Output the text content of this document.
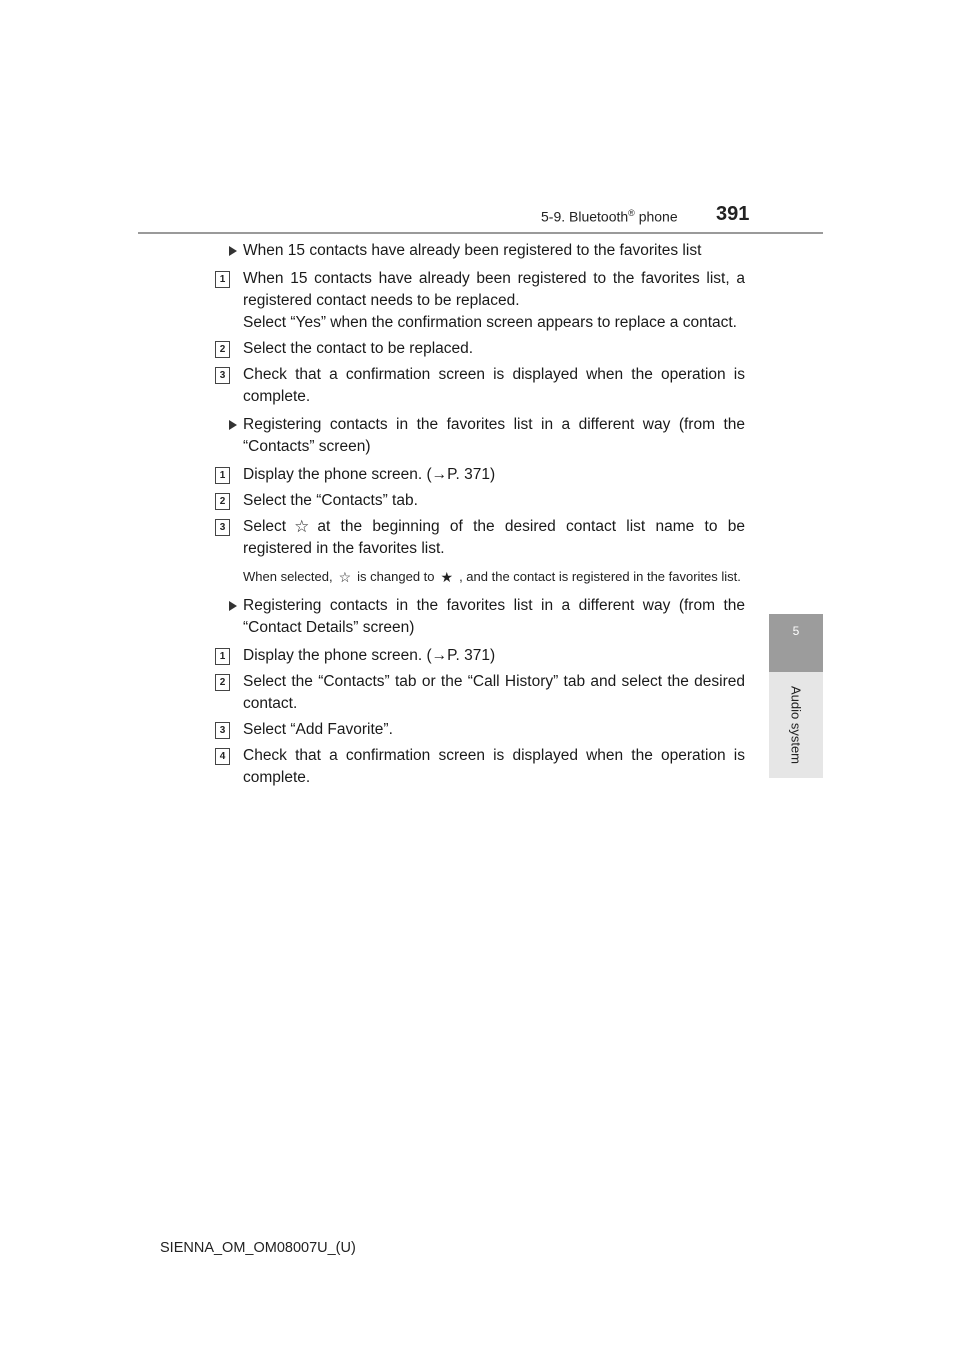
5-9. Bluetooth® phone 391
5
Audio system

When 15 contacts have already been registered to the favorites list

1	When 15 contacts have already been registered to the favorites list, a registered contact needs to be replaced.
Select “Yes” when the confirmation screen appears to replace a contact.
2	Select the contact to be replaced.
3	Check that a confirmation screen is displayed when the operation is complete.

Registering contacts in the favorites list in a different way (from the “Contacts” screen)

1	Display the phone screen. (→P. 371)
2	Select the “Contacts” tab.
3	Select ☆ at the beginning of the desired contact list name to be registered in the favorites list.

When selected, ☆ is changed to ★ , and the contact is registered in the favorites list.

Registering contacts in the favorites list in a different way (from the “Contact Details” screen)

1	Display the phone screen. (→P. 371)
2	Select the “Contacts” tab or the “Call History” tab and select the desired contact.
3	Select “Add Favorite”.
4	Check that a confirmation screen is displayed when the operation is complete.
SIENNA_OM_OM08007U_(U)
